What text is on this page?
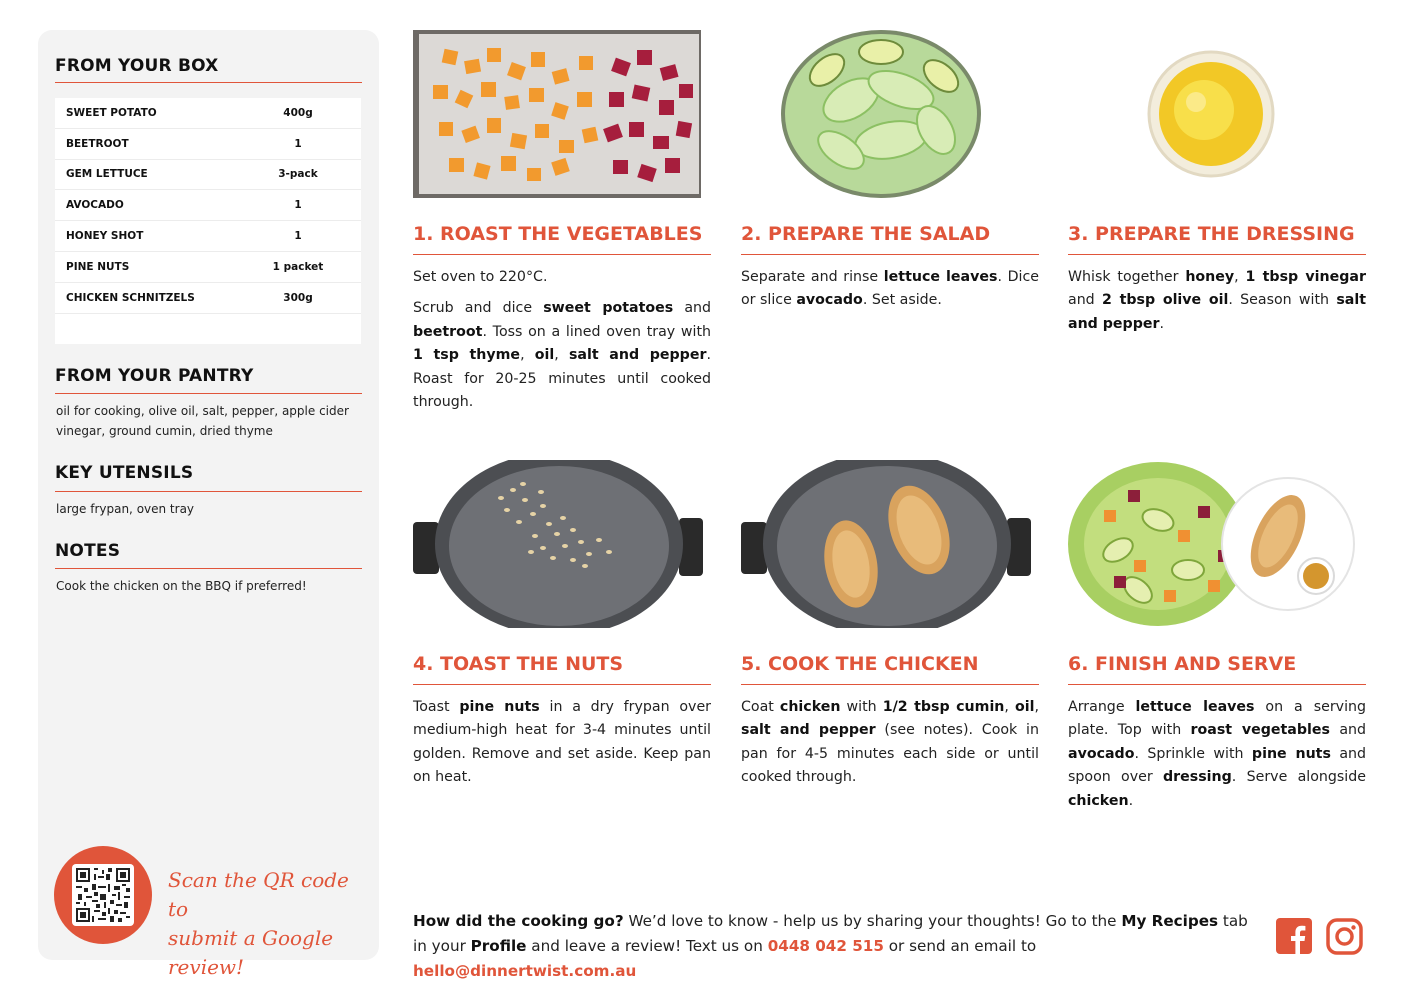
FROM YOUR BOX
SWEET POTATO	400g
BEETROOT	1
GEM LETTUCE	3-pack
AVOCADO	1
HONEY SHOT	1
PINE NUTS	1 packet
CHICKEN SCHNITZELS	300g
FROM YOUR PANTRY
oil for cooking, olive oil, salt, pepper, apple cider vinegar, ground cumin, dried thyme
KEY UTENSILS
large frypan, oven tray
NOTES
Cook the chicken on the BBQ if preferred!
Scan the QR code to
submit a Google review!
1. ROAST THE VEGETABLES

Set oven to 220°C.

Scrub and dice sweet potatoes and beetroot. Toss on a lined oven tray with 1 tsp thyme, oil, salt and pepper. Roast for 20-25 minutes until cooked through.

2. PREPARE THE SALAD

Separate and rinse lettuce leaves. Dice or slice avocado. Set aside.

3. PREPARE THE DRESSING

Whisk together honey, 1 tbsp vinegar and 2 tbsp olive oil. Season with salt and pepper.

4. TOAST THE NUTS

Toast pine nuts in a dry frypan over medium-high heat for 3-4 minutes until golden. Remove and set aside. Keep pan on heat.

5. COOK THE CHICKEN

Coat chicken with 1/2 tbsp cumin, oil, salt and pepper (see notes). Cook in pan for 4-5 minutes each side or until cooked through.

6. FINISH AND SERVE

Arrange lettuce leaves on a serving plate. Top with roast vegetables and avocado. Sprinkle with pine nuts and spoon over dressing. Serve alongside chicken.

How did the cooking go? We’d love to know - help us by sharing your thoughts! Go to the My Recipes tab in your Profile and leave a review! Text us on 0448 042 515 or send an email to hello@dinnertwist.com.au
